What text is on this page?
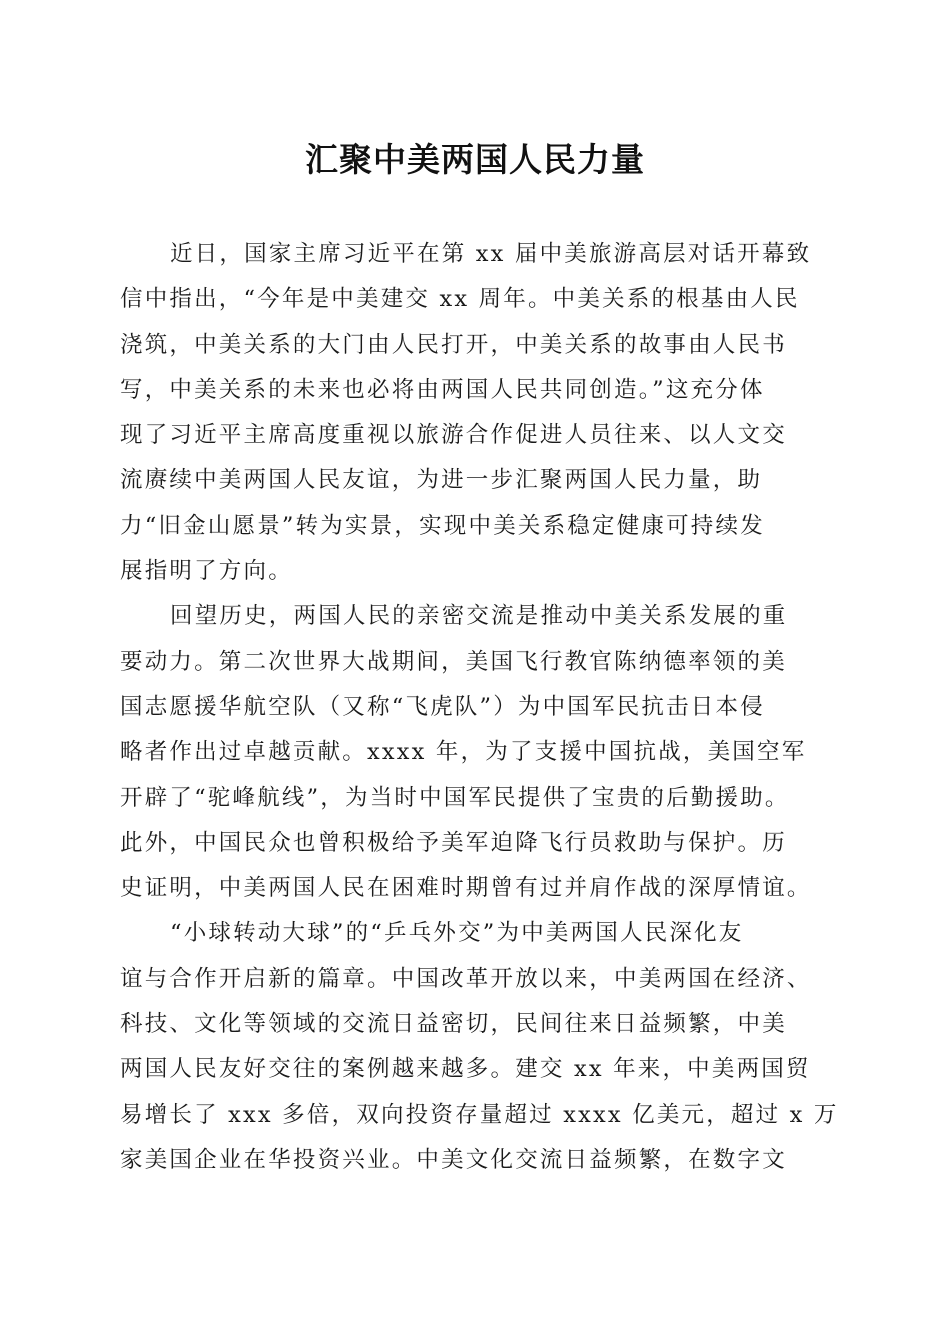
汇聚中美两国人民力量
近日，国家主席习近平在第 xx 届中美旅游高层对话开幕致
信中指出，“今年是中美建交 xx 周年。中美关系的根基由人民
浇筑，中美关系的大门由人民打开，中美关系的故事由人民书
写，中美关系的未来也必将由两国人民共同创造。”这充分体
现了习近平主席高度重视以旅游合作促进人员往来、以人文交
流赓续中美两国人民友谊，为进一步汇聚两国人民力量，助
力“旧金山愿景”转为实景，实现中美关系稳定健康可持续发
展指明了方向。
回望历史，两国人民的亲密交流是推动中美关系发展的重
要动力。第二次世界大战期间，美国飞行教官陈纳德率领的美
国志愿援华航空队（又称“飞虎队”）为中国军民抗击日本侵
略者作出过卓越贡献。xxxx 年，为了支援中国抗战，美国空军
开辟了“驼峰航线”，为当时中国军民提供了宝贵的后勤援助。
此外，中国民众也曾积极给予美军迫降飞行员救助与保护。历
史证明，中美两国人民在困难时期曾有过并肩作战的深厚情谊。
“小球转动大球”的“乒乓外交”为中美两国人民深化友
谊与合作开启新的篇章。中国改革开放以来，中美两国在经济、
科技、文化等领域的交流日益密切，民间往来日益频繁，中美
两国人民友好交往的案例越来越多。建交 xx 年来，中美两国贸
易增长了 xxx 多倍，双向投资存量超过 xxxx 亿美元，超过 x 万
家美国企业在华投资兴业。中美文化交流日益频繁，在数字文
